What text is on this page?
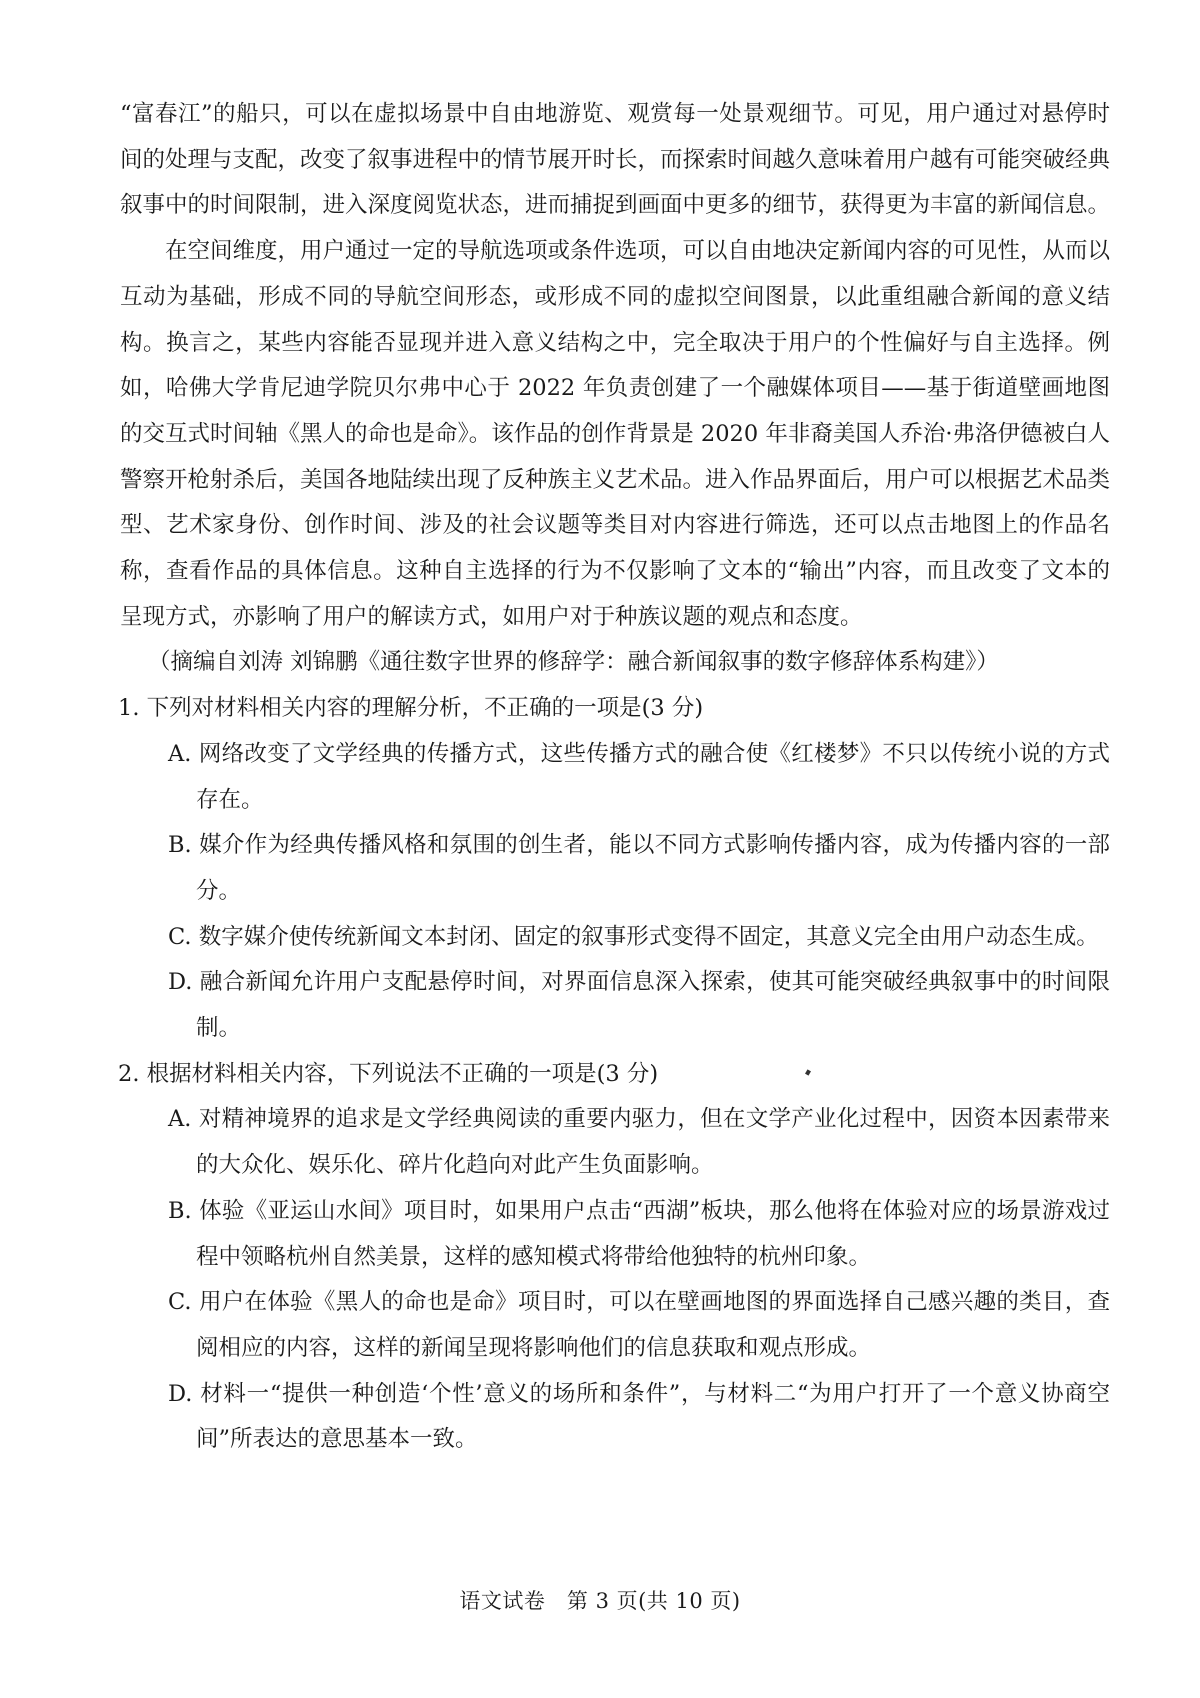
“富春江”的船只，可以在虚拟场景中自由地游览、观赏每一处景观细节。可见，用户通过对悬停时间的处理与支配，改变了叙事进程中的情节展开时长，而探索时间越久意味着用户越有可能突破经典叙事中的时间限制，进入深度阅览状态，进而捕捉到画面中更多的细节，获得更为丰富的新闻信息。

在空间维度，用户通过一定的导航选项或条件选项，可以自由地决定新闻内容的可见性，从而以互动为基础，形成不同的导航空间形态，或形成不同的虚拟空间图景，以此重组融合新闻的意义结构。换言之，某些内容能否显现并进入意义结构之中，完全取决于用户的个性偏好与自主选择。例如，哈佛大学肯尼迪学院贝尔弗中心于 2022 年负责创建了一个融媒体项目——基于街道壁画地图的交互式时间轴《黑人的命也是命》。该作品的创作背景是 2020 年非裔美国人乔治·弗洛伊德被白人警察开枪射杀后，美国各地陆续出现了反种族主义艺术品。进入作品界面后，用户可以根据艺术品类型、艺术家身份、创作时间、涉及的社会议题等类目对内容进行筛选，还可以点击地图上的作品名称，查看作品的具体信息。这种自主选择的行为不仅影响了文本的“输出”内容，而且改变了文本的呈现方式，亦影响了用户的解读方式，如用户对于种族议题的观点和态度。

（摘编自刘涛 刘锦鹏《通往数字世界的修辞学：融合新闻叙事的数字修辞体系构建》）

1. 下列对材料相关内容的理解分析，不正确的一项是(3 分)

A. 网络改变了文学经典的传播方式，这些传播方式的融合使《红楼梦》不只以传统小说的方式存在。

B. 媒介作为经典传播风格和氛围的创生者，能以不同方式影响传播内容，成为传播内容的一部分。

C. 数字媒介使传统新闻文本封闭、固定的叙事形式变得不固定，其意义完全由用户动态生成。

D. 融合新闻允许用户支配悬停时间，对界面信息深入探索，使其可能突破经典叙事中的时间限制。

2. 根据材料相关内容，下列说法不正确的一项是(3 分)

A. 对精神境界的追求是文学经典阅读的重要内驱力，但在文学产业化过程中，因资本因素带来的大众化、娱乐化、碎片化趋向对此产生负面影响。

B. 体验《亚运山水间》项目时，如果用户点击“西湖”板块，那么他将在体验对应的场景游戏过程中领略杭州自然美景，这样的感知模式将带给他独特的杭州印象。

C. 用户在体验《黑人的命也是命》项目时，可以在壁画地图的界面选择自己感兴趣的类目，查阅相应的内容，这样的新闻呈现将影响他们的信息获取和观点形成。

D. 材料一“提供一种创造‘个性’意义的场所和条件”，与材料二“为用户打开了一个意义协商空间”所表达的意思基本一致。

语文试卷　第 3 页(共 10 页)
